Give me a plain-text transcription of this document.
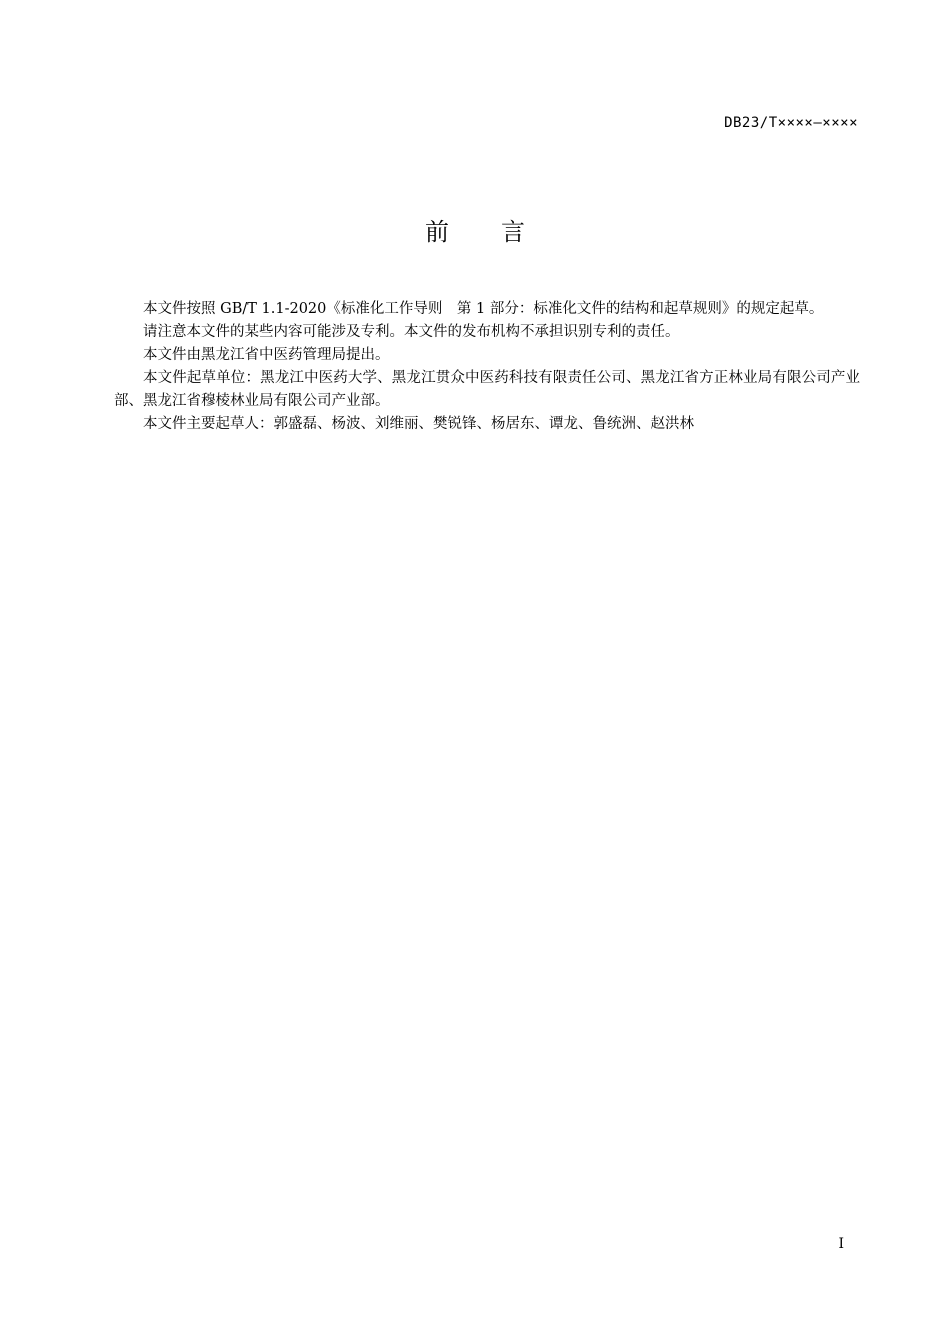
DB23/T××××—××××
前言

本文件按照 GB/T 1.1-2020《标准化工作导则　第 1 部分：标准化文件的结构和起草规则》的规定起草。

请注意本文件的某些内容可能涉及专利。本文件的发布机构不承担识别专利的责任。

本文件由黑龙江省中医药管理局提出。

本文件起草单位：黑龙江中医药大学、黑龙江贯众中医药科技有限责任公司、黑龙江省方正林业局有限公司产业部、黑龙江省穆棱林业局有限公司产业部。

本文件主要起草人：郭盛磊、杨波、刘维丽、樊锐锋、杨居东、谭龙、鲁统洲、赵洪林

I
